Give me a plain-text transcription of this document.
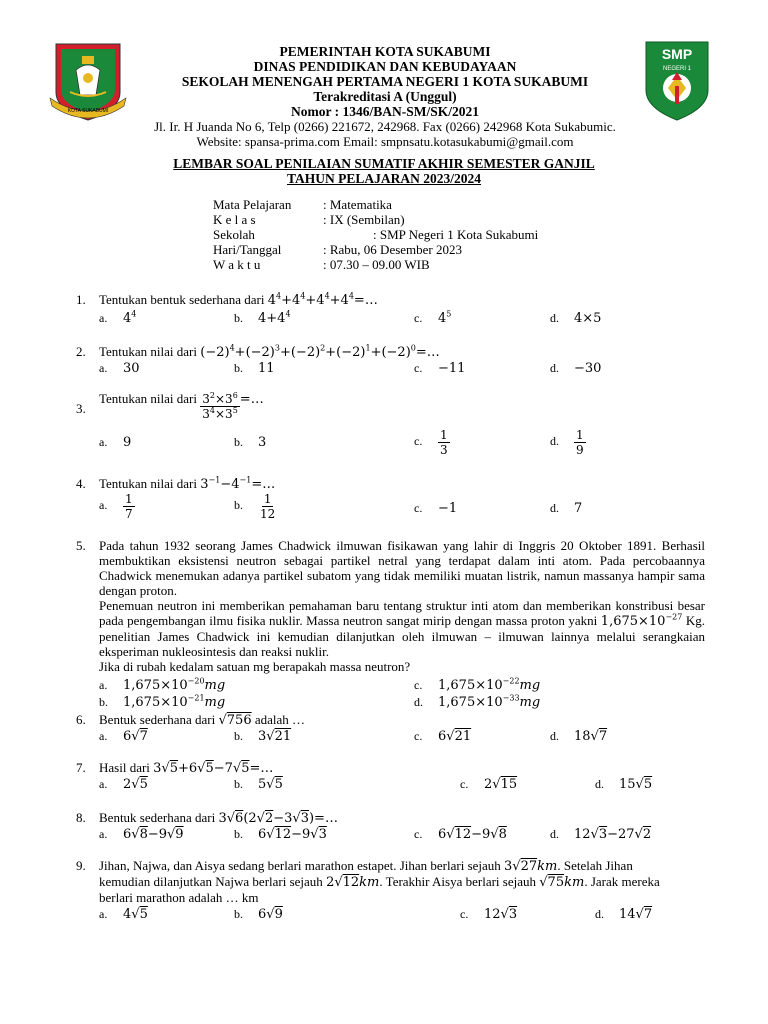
KOTA SUKABUMI
PEMERINTAH KOTA SUKABUMI
DINAS PENDIDIKAN DAN KEBUDAYAAN
SEKOLAH MENENGAH PERTAMA NEGERI 1 KOTA SUKABUMI
Terakreditasi A (Unggul)
Nomor : 1346/BAN-SM/SK/2021
Jl. Ir. H Juanda No 6, Telp (0266) 221672, 242968. Fax (0266) 242968 Kota Sukabumic.
Website: spansa-prima.com Email: smpnsatu.kotasukabumi@gmail.com
SMP
NEGERI 1
LEMBAR SOAL PENILAIAN SUMATIF AKHIR SEMESTER GANJIL
TAHUN PELAJARAN 2023/2024
Mata Pelajaran	: Matematika
K e l a s	: IX (Sembilan)
Sekolah	: SMP Negeri 1 Kota Sukabumi
Hari/Tanggal	: Rabu, 06 Desember 2023
W a k t u	: 07.30 – 09.00 WIB
1.	Tentukan bentuk sederhana dari $4^4+4^4+4^4+4^4=\dots$
a. $4^4$	b. $4+4^4$	c. $4^5$	d. 4×5
2.	Tentukan nilai dari $(-2)^4+(-2)^3+(-2)^2+(-2)^1+(-2)^0=\dots$
a. 30	b. 11	c. −11	d. −30
3.
Tentukan nilai dari $\frac{3^2\times 3^6}{3^4\times 3^5}$ =…
a. 9	b. 3	c. $\frac{1}{3}$	d. $\frac{1}{9}$
4.	Tentukan nilai dari $3^{-1}-4^{-1}=\dots$
a. $\frac{1}{7}$	b. $\frac{1}{12}$	c. −1	d. 7
5.	Pada tahun 1932 seorang James Chadwick ilmuwan fisikawan yang lahir di Inggris 20 Oktober 1891. Berhasil membuktikan eksistensi neutron sebagai partikel netral yang terdapat dalam inti atom. Pada percobaannya Chadwick menemukan adanya partikel subatom yang tidak memiliki muatan listrik, namun massanya hampir sama dengan proton.
Penemuan neutron ini memberikan pemahaman baru tentang struktur inti atom dan memberikan konstribusi besar pada pengembangan ilmu fisika nuklir. Massa neutron sangat mirip dengan massa proton yakni $1,675\times 10^{-27}$ Kg. penelitian James Chadwick ini kemudian dilanjutkan oleh ilmuwan – ilmuwan lainnya melalui serangkaian eksperiman nukleosintesis dan reaksi nuklir.
Jika di rubah kedalam satuan mg berapakah massa neutron?
a. $1,675\times 10^{-20}mg$
b. $1,675\times 10^{-21}mg$
c. $1,675\times 10^{-22}mg$
d. $1,675\times 10^{-33}mg$
6.	Bentuk sederhana dari √756 adalah …
a. 6√7	b. 3√21	c. 6√21	d. 18√7
7.	Hasil dari 3√5+6√5−7√5=…
a. 2√5	b. 5√5	c. 2√15	d. 15√5
8.	Bentuk sederhana dari 3√6(2√2−3√3)=…
a. 6√8−9√9	b. 6√12−9√3	c. 6√12−9√8	d. 12√3−27√2
9.	Jihan, Najwa, dan Aisya sedang berlari marathon estapet. Jihan berlari sejauh 3√27km. Setelah Jihan
kemudian dilanjutkan Najwa berlari sejauh 2√12km. Terakhir Aisya berlari sejauh √75km. Jarak mereka
berlari marathon adalah … km
a. 4√5	b. 6√9	c. 12√3	d. 14√7
